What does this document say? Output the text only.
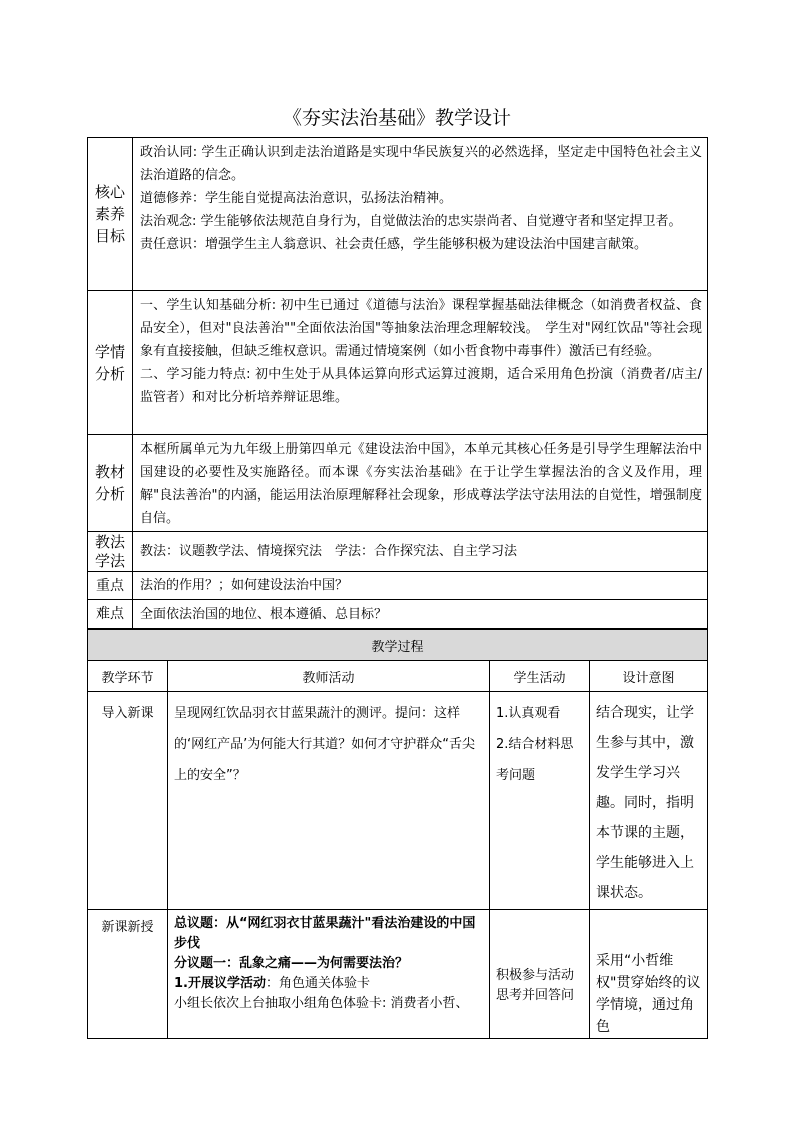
《夯实法治基础》教学设计
核心素养目标	政治认同: 学生正确认识到走法治道路是实现中华民族复兴的必然选择，坚定走中国特色社会主义法治道路的信念。

道德修养：学生能自觉提高法治意识，弘扬法治精神。

法治观念: 学生能够依法规范自身行为，自觉做法治的忠实崇尚者、自觉遵守者和坚定捍卫者。

责任意识：增强学生主人翁意识、社会责任感，学生能够积极为建设法治中国建言献策。

学情分析	一、学生认知基础分析: 初中生已通过《道德与法治》课程掌握基础法律概念（如消费者权益、食品安全），但对"良法善治""全面依法治国"等抽象法治理念理解较浅。　学生对"网红饮品"等社会现象有直接接触，但缺乏维权意识。需通过情境案例（如小哲食物中毒事件）激活已有经验。

二、学习能力特点: 初中生处于从具体运算向形式运算过渡期，适合采用角色扮演（消费者/店主/监管者）和对比分析培养辩证思维。

教材分析	本框所属单元为九年级上册第四单元《建设法治中国》，本单元其核心任务是引导学生理解法治中国建设的必要性及实施路径。而本课《夯实法治基础》在于让学生掌握法治的含义及作用，理解"良法善治"的内涵，能运用法治原理解释社会现象，形成尊法学法守法用法的自觉性，增强制度自信。

教法学法	教法：议题教学法、情境探究法　学法：合作探究法、自主学习法

重点	法治的作用？；如何建设法治中国？

难点	全面依法治国的地位、根本遵循、总目标？

教学过程			
教学环节	教师活动	学生活动	设计意图
导入新课	呈现网红饮品羽衣甘蓝果蔬汁的测评。提问：这样的‘网红产品’为何能大行其道？如何才守护群众“舌尖上的安全”？	1.认真观看

2.结合材料思考问题	结合现实，让学生参与其中，激发学生学习兴趣。同时，指明本节课的主题，学生能够进入上课状态。
新课新授	总议题：从“网红羽衣甘蓝果蔬汁"看法治建设的中国步伐

分议题一：乱象之痛——为何需要法治？

1.开展议学活动：角色通关体验卡

小组长依次上台抽取小组角色体验卡: 消费者小哲、	积极参与活动思考并回答问	采用“小哲维权"贯穿始终的议学情境，通过角色
